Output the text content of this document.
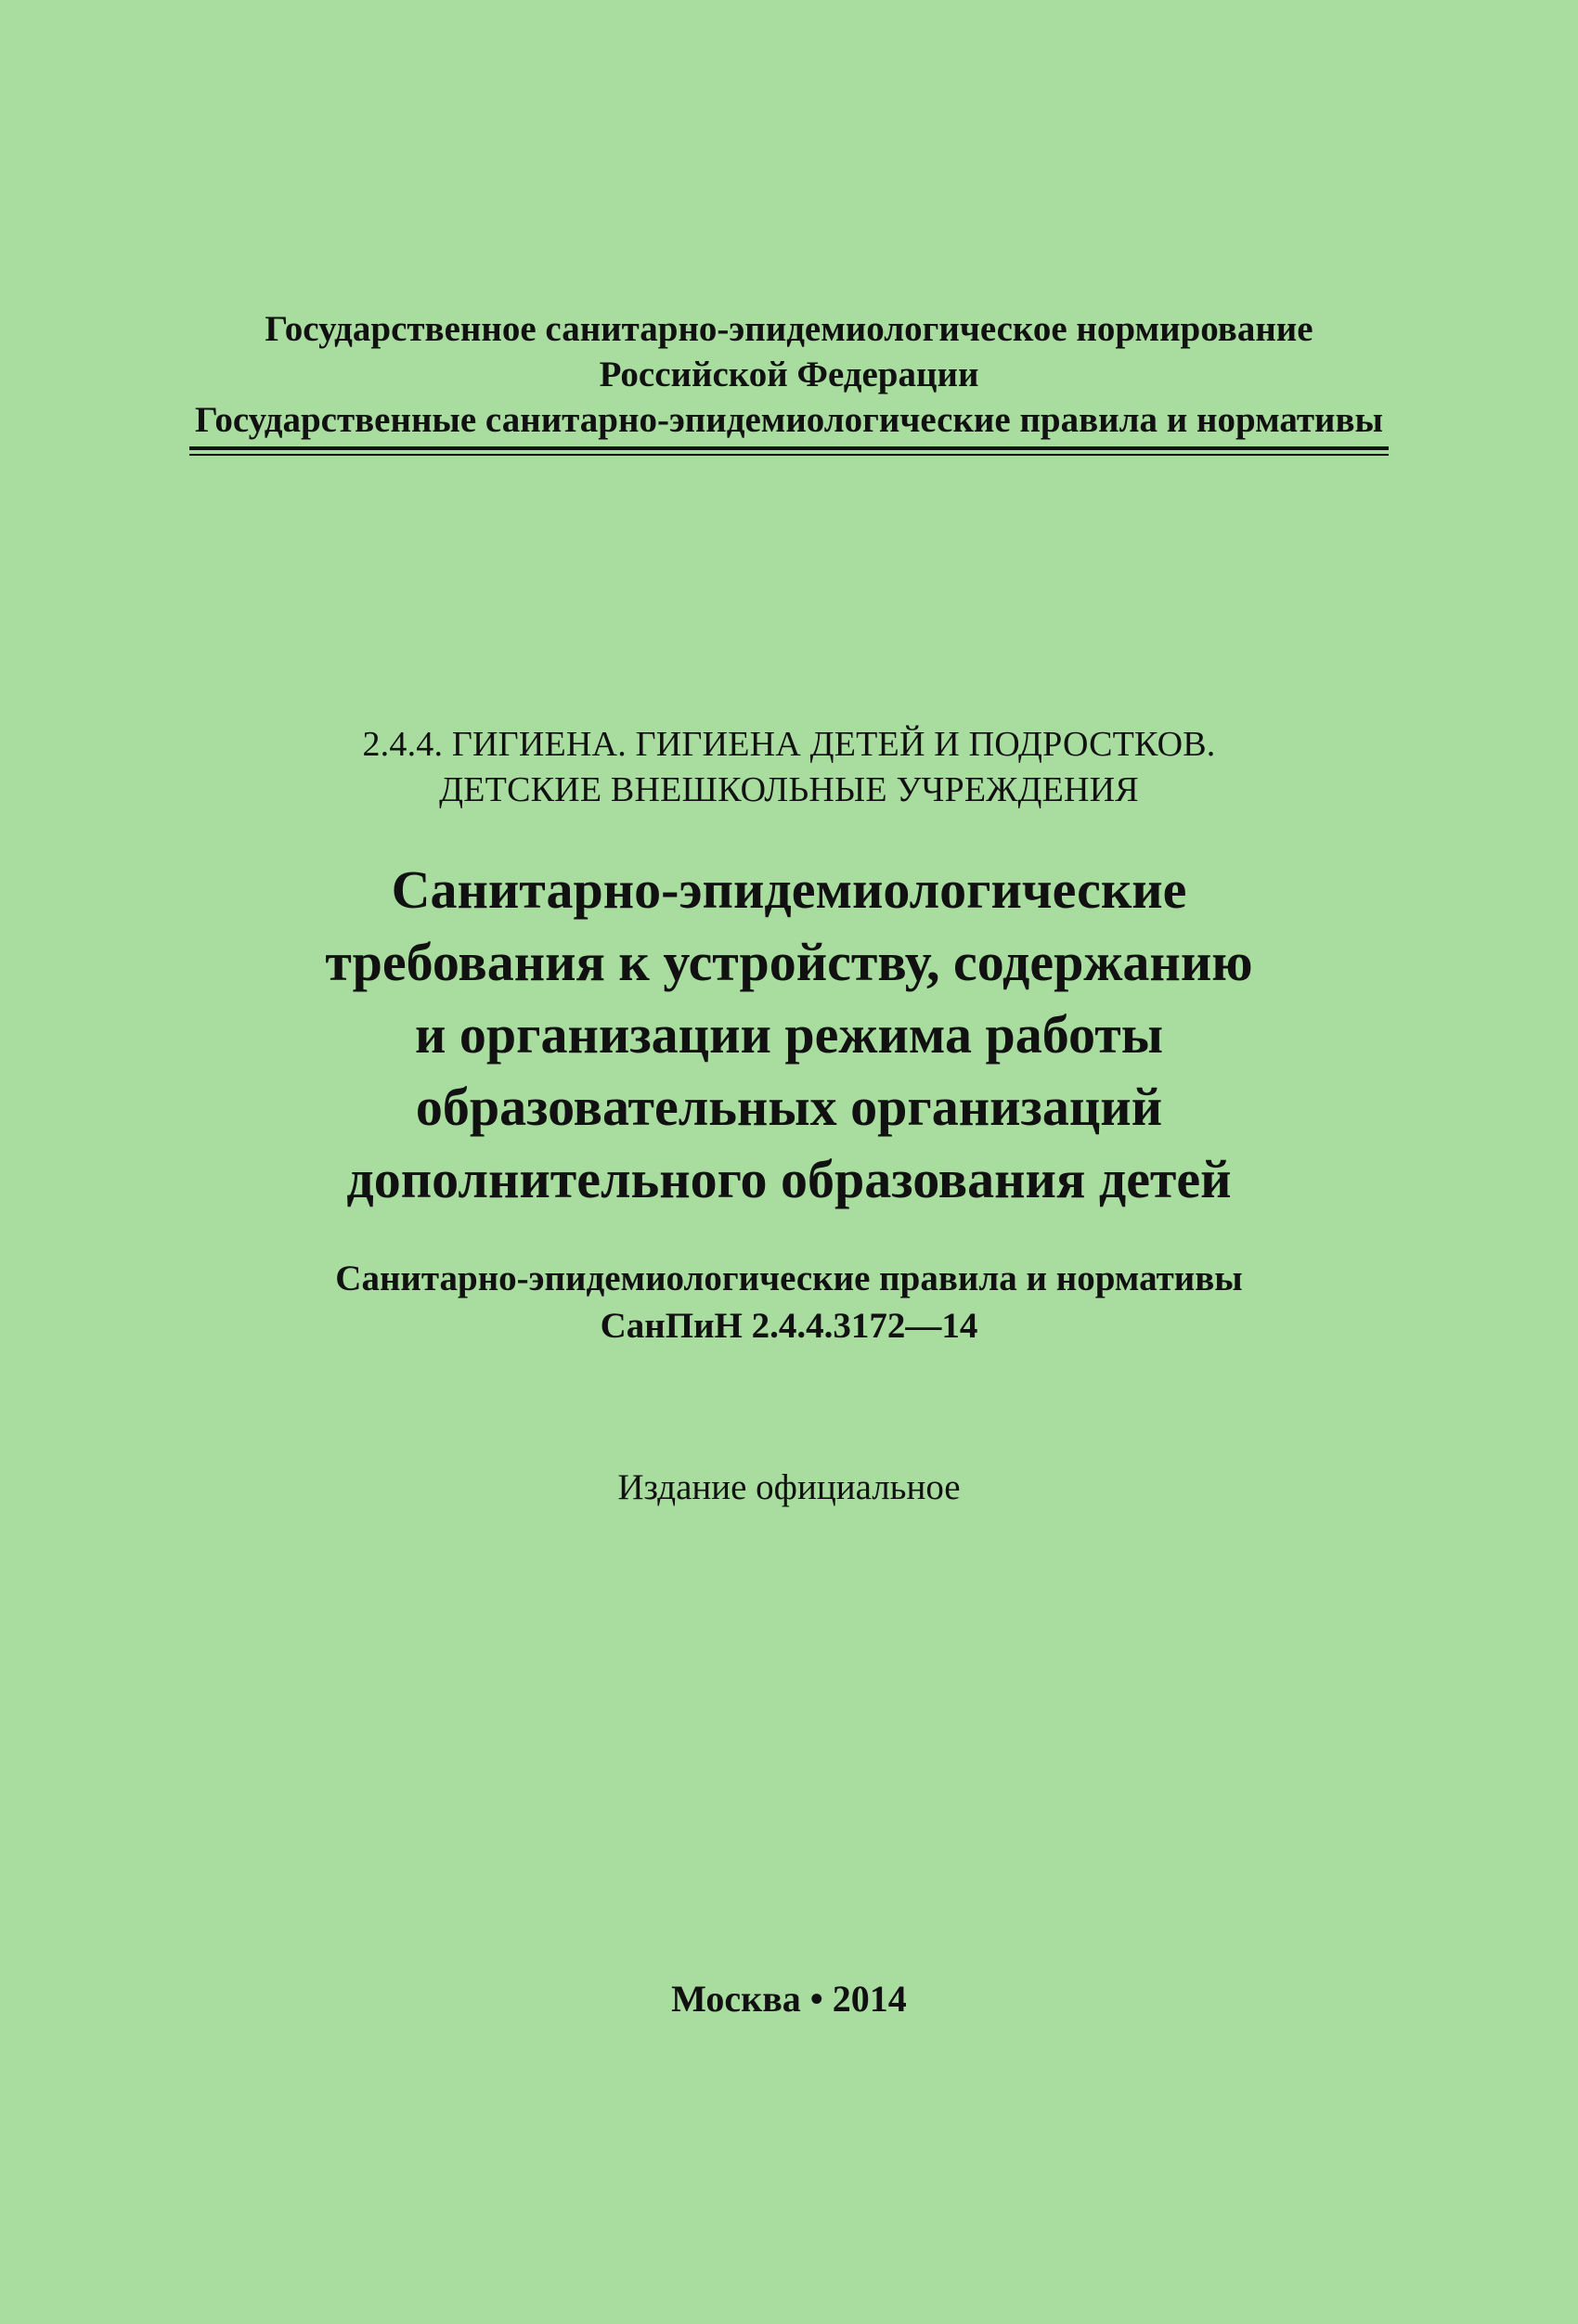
Государственное санитарно-эпидемиологическое нормирование
Российской Федерации
Государственные санитарно-эпидемиологические правила и нормативы
2.4.4. ГИГИЕНА. ГИГИЕНА ДЕТЕЙ И ПОДРОСТКОВ.
ДЕТСКИЕ ВНЕШКОЛЬНЫЕ УЧРЕЖДЕНИЯ
Санитарно-эпидемиологические
требования к устройству, содержанию
и организации режима работы
образовательных организаций
дополнительного образования детей
Санитарно-эпидемиологические правила и нормативы
СанПиН 2.4.4.3172—14
Издание официальное
Москва • 2014
